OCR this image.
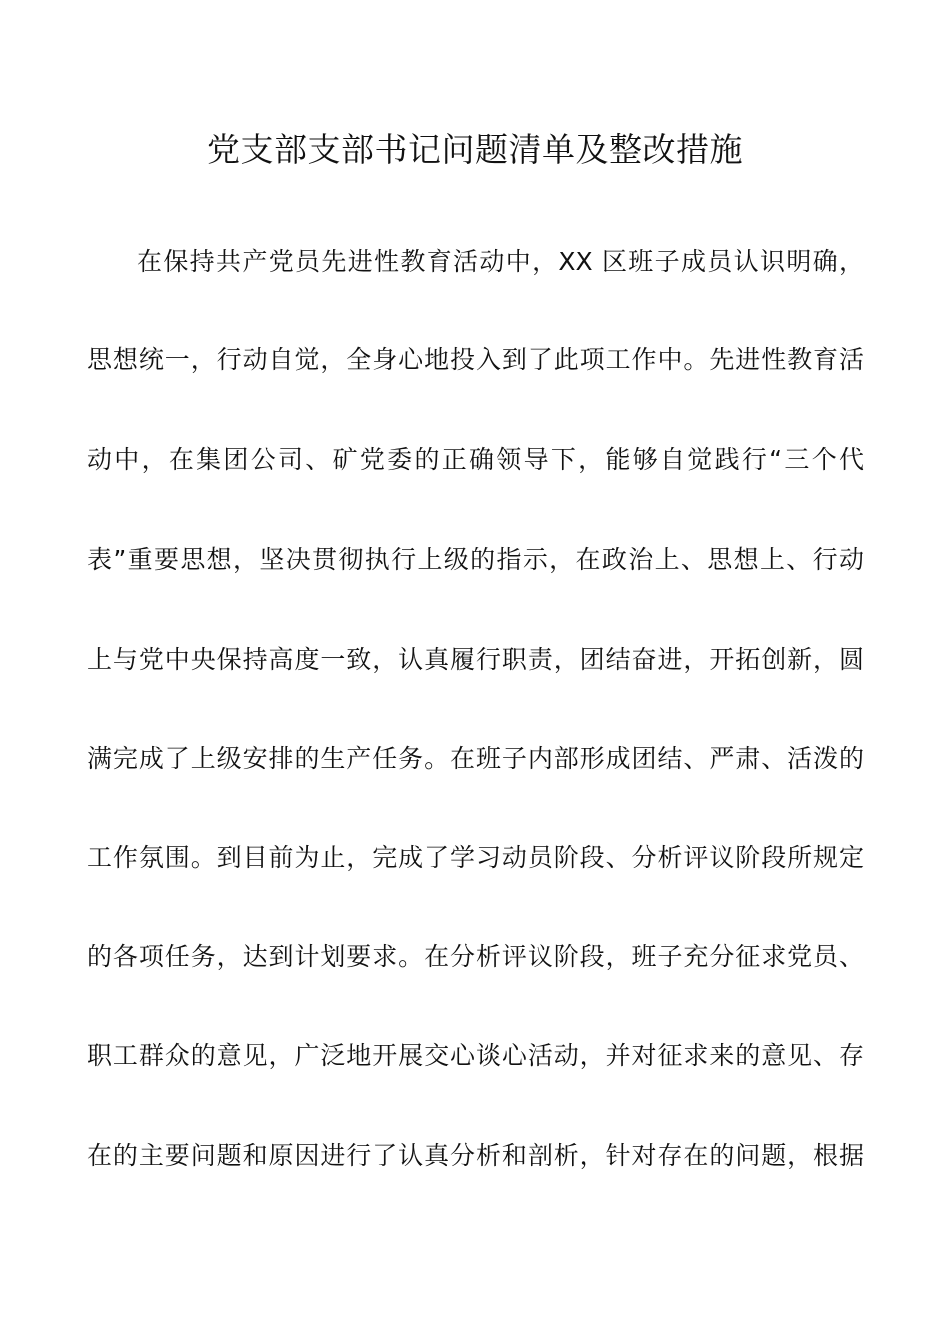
党支部支部书记问题清单及整改措施

在保持共产党员先进性教育活动中，XX 区班子成员认识明确，

思想统一，行动自觉，全身心地投入到了此项工作中。先进性教育活

动中，在集团公司、矿党委的正确领导下，能够自觉践行“三个代

表”重要思想，坚决贯彻执行上级的指示，在政治上、思想上、行动

上与党中央保持高度一致，认真履行职责，团结奋进，开拓创新，圆

满完成了上级安排的生产任务。在班子内部形成团结、严肃、活泼的

工作氛围。到目前为止，完成了学习动员阶段、分析评议阶段所规定

的各项任务，达到计划要求。在分析评议阶段，班子充分征求党员、

职工群众的意见，广泛地开展交心谈心活动，并对征求来的意见、存

在的主要问题和原因进行了认真分析和剖析，针对存在的问题，根据
